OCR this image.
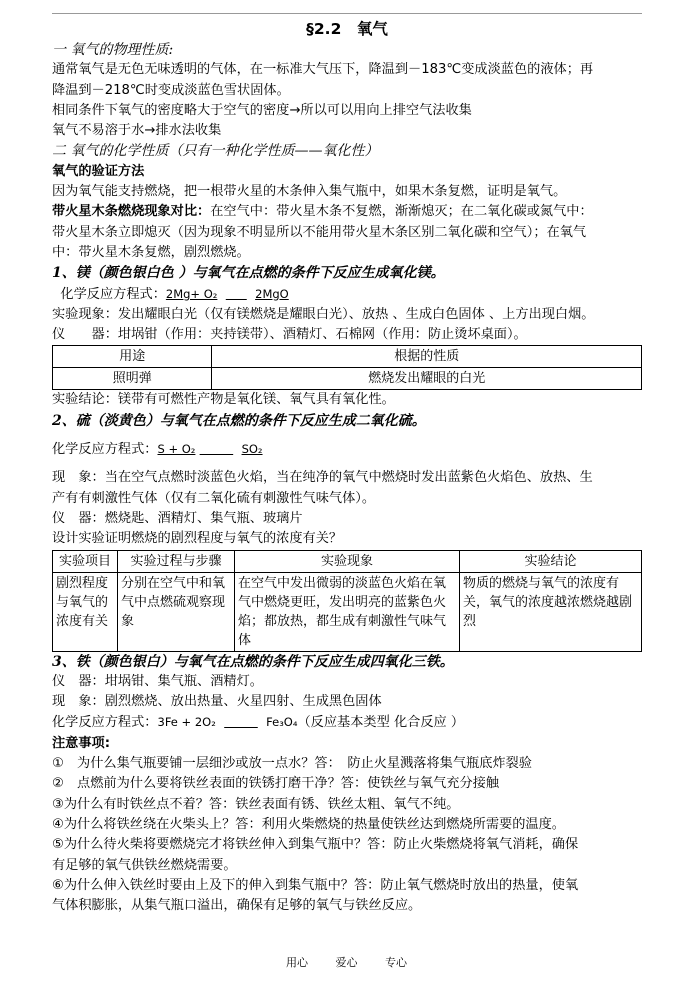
§2.2　氧气

一 氧气的物理性质:

通常氧气是无色无味透明的气体，在一标准大气压下，降温到－183℃变成淡蓝色的液体；再

降温到－218℃时变成淡蓝色雪状固体。

相同条件下氧气的密度略大于空气的密度→所以可以用向上排空气法收集

氧气不易溶于水→排水法收集

二 氧气的化学性质（只有一种化学性质——氧化性）

氧气的验证方法

因为氧气能支持燃烧，把一根带火星的木条伸入集气瓶中，如果木条复燃，证明是氧气。

带火星木条燃烧现象对比：在空气中：带火星木条不复燃，渐渐熄灭；在二氧化碳或氮气中：

带火星木条立即熄灭（因为现象不明显所以不能用带火星木条区别二氧化碳和空气）；在氧气

中：带火星木条复燃，剧烈燃烧。

1、镁（颜色银白色 ）与氧气在点燃的条件下反应生成氧化镁。

化学反应方程式：2Mg+ O₂	2MgO

实验现象：发出耀眼白光（仅有镁燃烧是耀眼白光）、放热 、生成白色固体 、上方出现白烟。

仪　　器：坩埚钳（作用：夹持镁带）、酒精灯、石棉网（作用：防止烫坏桌面）。

用途	根据的性质
照明弹	燃烧发出耀眼的白光

实验结论：镁带有可燃性产物是氧化镁、氧气具有氧化性。

2、硫（淡黄色）与氧气在点燃的条件下反应生成二氧化硫。

化学反应方程式：S + O₂	SO₂

现　象：当在空气点燃时淡蓝色火焰，当在纯净的氧气中燃烧时发出蓝紫色火焰色、放热、生

产有有刺激性气体（仅有二氧化硫有刺激性气味气体）。

仪　器：燃烧匙、酒精灯、集气瓶、玻璃片

设计实验证明燃烧的剧烈程度与氧气的浓度有关？

实验项目	实验过程与步骤	实验现象	实验结论
剧烈程度与氧气的浓度有关	分别在空气中和氧气中点燃硫观察现象	在空气中发出微弱的淡蓝色火焰在氧气中燃烧更旺，发出明亮的蓝紫色火焰；都放热，都生成有刺激性气味气体	物质的燃烧与氧气的浓度有关，氧气的浓度越浓燃烧越剧烈

3、铁（颜色银白）与氧气在点燃的条件下反应生成四氧化三铁。

仪　器：坩埚钳、集气瓶、酒精灯。

现　象：剧烈燃烧、放出热量、火星四射、生成黑色固体

化学反应方程式：3Fe + 2O₂	Fe₃O₄（反应基本类型 化合反应 ）

注意事项:

①　为什么集气瓶要铺一层细沙或放一点水？答：　防止火星溅落将集气瓶底炸裂验

②　点燃前为什么要将铁丝表面的铁锈打磨干净？答：使铁丝与氧气充分接触

③为什么有时铁丝点不着？答：铁丝表面有锈、铁丝太粗、氧气不纯。

④为什么将铁丝绕在火柴头上？答：利用火柴燃烧的热量使铁丝达到燃烧所需要的温度。

⑤为什么待火柴将要燃烧完才将铁丝伸入到集气瓶中？答：防止火柴燃烧将氧气消耗，确保

有足够的氧气供铁丝燃烧需要。

⑥为什么伸入铁丝时要由上及下的伸入到集气瓶中？答：防止氧气燃烧时放出的热量，使氧

气体积膨胀，从集气瓶口溢出，确保有足够的氧气与铁丝反应。

用心	爱心	专心
